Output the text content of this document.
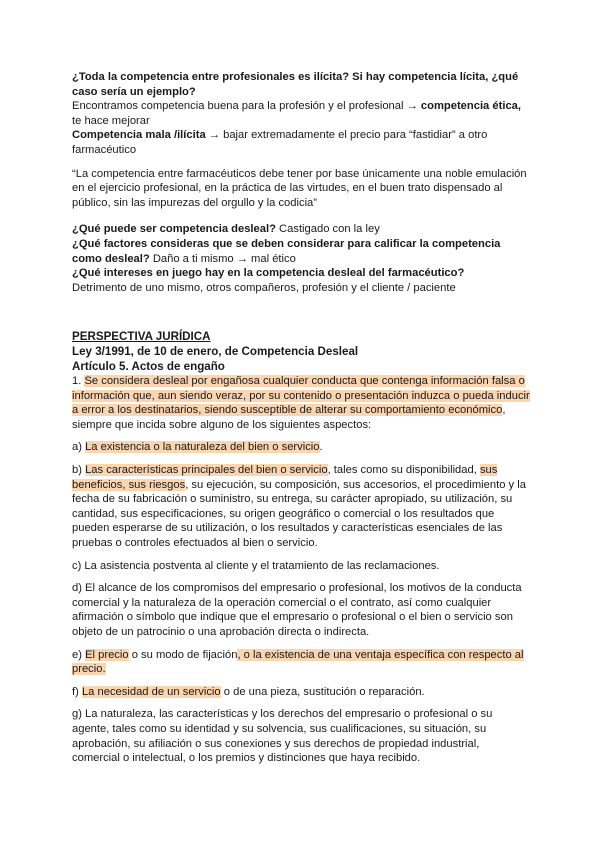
¿Toda la competencia entre profesionales es ilícita? Si hay competencia lícita, ¿qué caso sería un ejemplo?

Encontramos competencia buena para la profesión y el profesional → competencia ética, te hace mejorar

Competencia mala /ilícita → bajar extremadamente el precio para “fastidiar” a otro farmacéutico

“La competencia entre farmacéuticos debe tener por base únicamente una noble emulación en el ejercicio profesional, en la práctica de las virtudes, en el buen trato dispensado al público, sin las impurezas del orgullo y la codicia”

¿Qué puede ser competencia desleal? Castigado con la ley

¿Qué factores consideras que se deben considerar para calificar la competencia como desleal? Daño a ti mismo → mal ético

¿Qué intereses en juego hay en la competencia desleal del farmacéutico?

Detrimento de uno mismo, otros compañeros, profesión y el cliente / paciente

PERSPECTIVA JURÍDICA

Ley 3/1991, de 10 de enero, de Competencia Desleal

Artículo 5. Actos de engaño

1. Se considera desleal por engañosa cualquier conducta que contenga información falsa o información que, aun siendo veraz, por su contenido o presentación induzca o pueda inducir a error a los destinatarios, siendo susceptible de alterar su comportamiento económico, siempre que incida sobre alguno de los siguientes aspectos:

a) La existencia o la naturaleza del bien o servicio.

b) Las características principales del bien o servicio, tales como su disponibilidad, sus beneficios, sus riesgos, su ejecución, su composición, sus accesorios, el procedimiento y la fecha de su fabricación o suministro, su entrega, su carácter apropiado, su utilización, su cantidad, sus especificaciones, su origen geográfico o comercial o los resultados que pueden esperarse de su utilización, o los resultados y características esenciales de las pruebas o controles efectuados al bien o servicio.

c) La asistencia postventa al cliente y el tratamiento de las reclamaciones.

d) El alcance de los compromisos del empresario o profesional, los motivos de la conducta comercial y la naturaleza de la operación comercial o el contrato, así como cualquier afirmación o símbolo que indique que el empresario o profesional o el bien o servicio son objeto de un patrocinio o una aprobación directa o indirecta.

e) El precio o su modo de fijación, o la existencia de una ventaja específica con respecto al precio.

f) La necesidad de un servicio o de una pieza, sustitución o reparación.

g) La naturaleza, las características y los derechos del empresario o profesional o su agente, tales como su identidad y su solvencia, sus cualificaciones, su situación, su aprobación, su afiliación o sus conexiones y sus derechos de propiedad industrial, comercial o intelectual, o los premios y distinciones que haya recibido.
